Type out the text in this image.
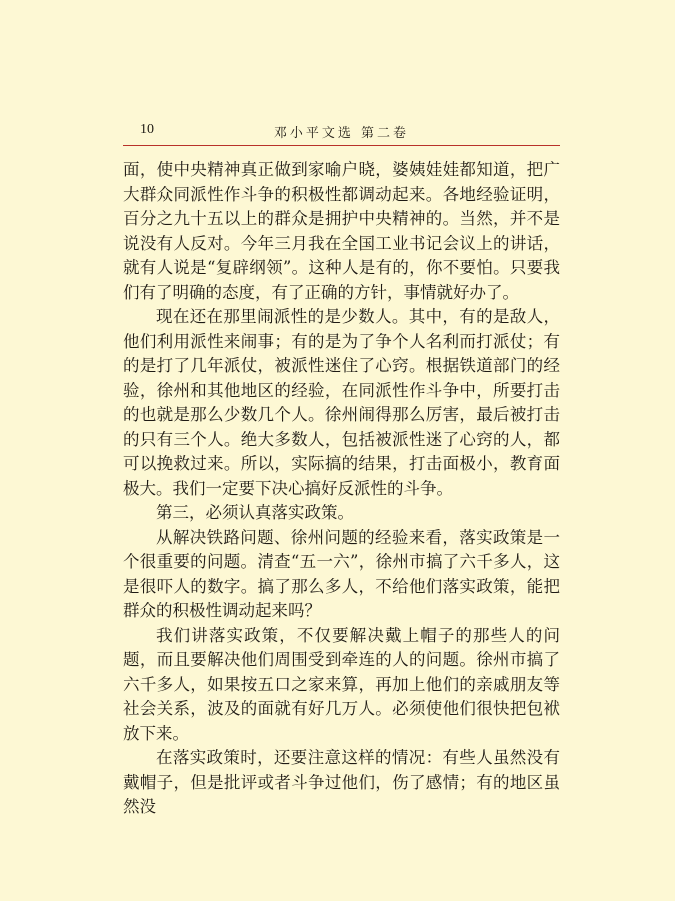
10	邓小平文选 第二卷

面，使中央精神真正做到家喻户晓，婆姨娃娃都知道，把广大群众同派性作斗争的积极性都调动起来。各地经验证明，百分之九十五以上的群众是拥护中央精神的。当然，并不是说没有人反对。今年三月我在全国工业书记会议上的讲话，就有人说是“复辟纲领”。这种人是有的，你不要怕。只要我们有了明确的态度，有了正确的方针，事情就好办了。

现在还在那里闹派性的是少数人。其中，有的是敌人，他们利用派性来闹事；有的是为了争个人名利而打派仗；有的是打了几年派仗，被派性迷住了心窍。根据铁道部门的经验，徐州和其他地区的经验，在同派性作斗争中，所要打击的也就是那么少数几个人。徐州闹得那么厉害，最后被打击的只有三个人。绝大多数人，包括被派性迷了心窍的人，都可以挽救过来。所以，实际搞的结果，打击面极小，教育面极大。我们一定要下决心搞好反派性的斗争。

第三，必须认真落实政策。

从解决铁路问题、徐州问题的经验来看，落实政策是一个很重要的问题。清查“五一六”，徐州市搞了六千多人，这是很吓人的数字。搞了那么多人，不给他们落实政策，能把群众的积极性调动起来吗？

我们讲落实政策，不仅要解决戴上帽子的那些人的问题，而且要解决他们周围受到牵连的人的问题。徐州市搞了六千多人，如果按五口之家来算，再加上他们的亲戚朋友等社会关系，波及的面就有好几万人。必须使他们很快把包袱放下来。

在落实政策时，还要注意这样的情况：有些人虽然没有戴帽子，但是批评或者斗争过他们，伤了感情；有的地区虽然没
